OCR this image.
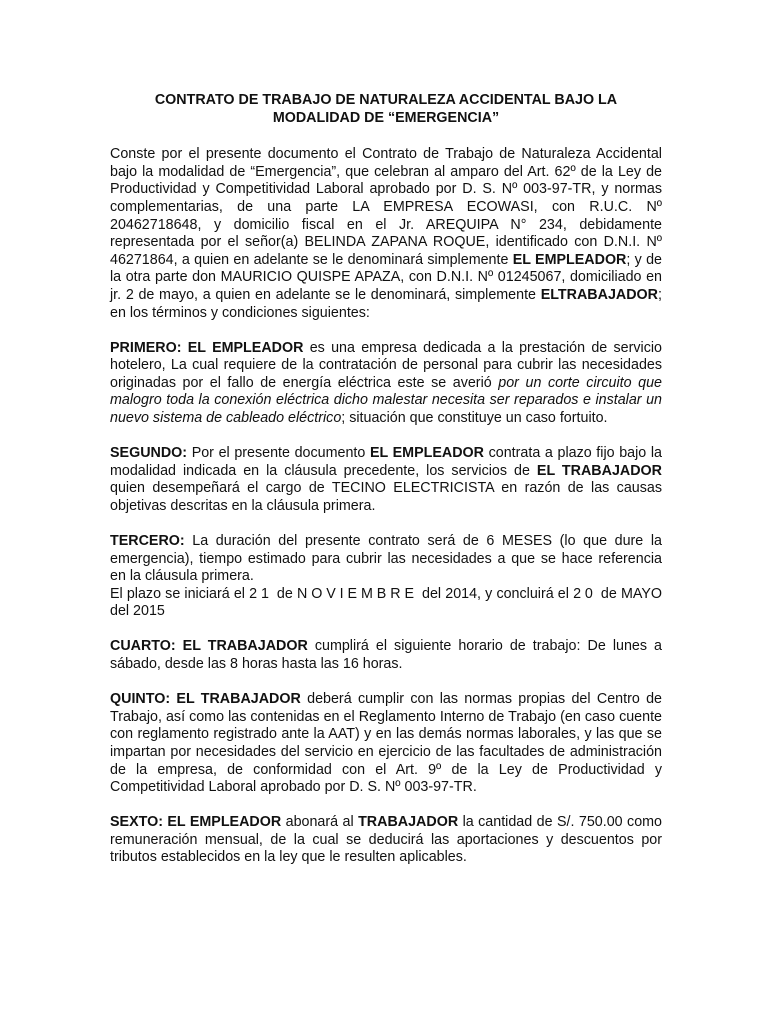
CONTRATO DE TRABAJO DE NATURALEZA ACCIDENTAL BAJO LA
MODALIDAD DE “EMERGENCIA”

Conste por el presente documento el Contrato de Trabajo de Naturaleza Accidental bajo la modalidad de “Emergencia”, que celebran al amparo del Art. 62º de la Ley de Productividad y Competitividad Laboral aprobado por D. S. Nº 003-97-TR, y normas complementarias, de una parte LA EMPRESA ECOWASI, con R.U.C. Nº 20462718648, y domicilio fiscal en el Jr. AREQUIPA N° 234, debidamente representada por el señor(a) BELINDA ZAPANA ROQUE, identificado con D.N.I. Nº 46271864, a quien en adelante se le denominará simplemente EL EMPLEADOR; y de la otra parte don MAURICIO QUISPE APAZA, con D.N.I. Nº 01245067, domiciliado en jr. 2 de mayo, a quien en adelante se le denominará, simplemente ELTRABAJADOR; en los términos y condiciones siguientes:

PRIMERO: EL EMPLEADOR es una empresa dedicada a la prestación de servicio hotelero, La cual requiere de la contratación de personal para cubrir las necesidades originadas por el fallo de energía eléctrica este se averió por un corte circuito que malogro toda la conexión eléctrica dicho malestar necesita ser reparados e instalar un nuevo sistema de cableado eléctrico; situación que constituye un caso fortuito.

SEGUNDO: Por el presente documento EL EMPLEADOR contrata a plazo fijo bajo la modalidad indicada en la cláusula precedente, los servicios de EL TRABAJADOR quien desempeñará el cargo de TECINO ELECTRICISTA en razón de las causas objetivas descritas en la cláusula primera.

TERCERO: La duración del presente contrato será de 6 MESES (lo que dure la emergencia), tiempo estimado para cubrir las necesidades a que se hace referencia en la cláusula primera.

El plazo se iniciará el 21 de NOVIEMBRE del 2014, y concluirá el 20 de MAYO del 2015

CUARTO: EL TRABAJADOR cumplirá el siguiente horario de trabajo: De lunes a sábado, desde las 8 horas hasta las 16 horas.

QUINTO: EL TRABAJADOR deberá cumplir con las normas propias del Centro de Trabajo, así como las contenidas en el Reglamento Interno de Trabajo (en caso cuente con reglamento registrado ante la AAT) y en las demás normas laborales, y las que se impartan por necesidades del servicio en ejercicio de las facultades de administración de la empresa, de conformidad con el Art. 9º de la Ley de Productividad y Competitividad Laboral aprobado por D. S. Nº 003-97-TR.

SEXTO: EL EMPLEADOR abonará al TRABAJADOR la cantidad de S/. 750.00 como remuneración mensual, de la cual se deducirá las aportaciones y descuentos por tributos establecidos en la ley que le resulten aplicables.
